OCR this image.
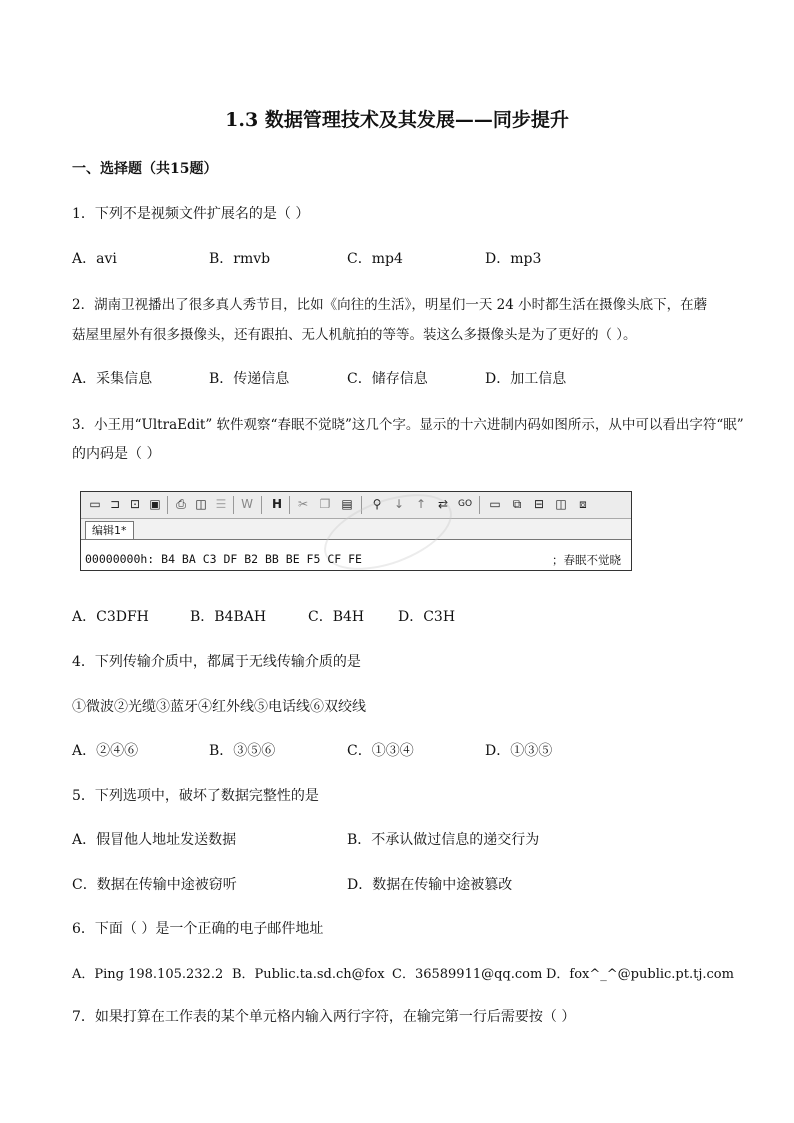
1.3 数据管理技术及其发展——同步提升
一、选择题（共15题）
1．下列不是视频文件扩展名的是（ ）
A．avi	B．rmvb	C．mp4	D．mp3
2．湖南卫视播出了很多真人秀节目，比如《向往的生活》，明星们一天 24 小时都生活在摄像头底下，在蘑
菇屋里屋外有很多摄像头，还有跟拍、无人机航拍的等等。装这么多摄像头是为了更好的（ ）。
A．采集信息	B．传递信息	C．储存信息	D．加工信息
3．小王用“UltraEdit” 软件观察“春眠不觉晓”这几个字。显示的十六进制内码如图所示，从中可以看出字符“眠”
的内码是（ ）
▭ ⊐ ⊡ ▣ ⎙ ◫ ☰ W H ✂ ❐ ▤ ⚲	↓ ↑ ⇄	GO ▭	⧉	⊟ ◫	⧈
编辑1*
00000000h: B4 BA C3 DF B2 BB BE F5 CF FE	；春眠不觉晓
A．C3DFH	B．B4BAH	C．B4H D．C3H
4．下列传输介质中，都属于无线传输介质的是
①微波②光缆③蓝牙④红外线⑤电话线⑥双绞线
A．②④⑥	B．③⑤⑥	C．①③④	D．①③⑤
5．下列选项中，破坏了数据完整性的是
A．假冒他人地址发送数据	B．不承认做过信息的递交行为
C．数据在传输中途被窃听	D．数据在传输中途被篡改
6．下面（ ）是一个正确的电子邮件地址
A．Ping 198.105.232.2 B．Public.ta.sd.ch@fox C．36589911@qq.com D．fox^_^@public.pt.tj.com
7．如果打算在工作表的某个单元格内输入两行字符，在输完第一行后需要按（ ）
